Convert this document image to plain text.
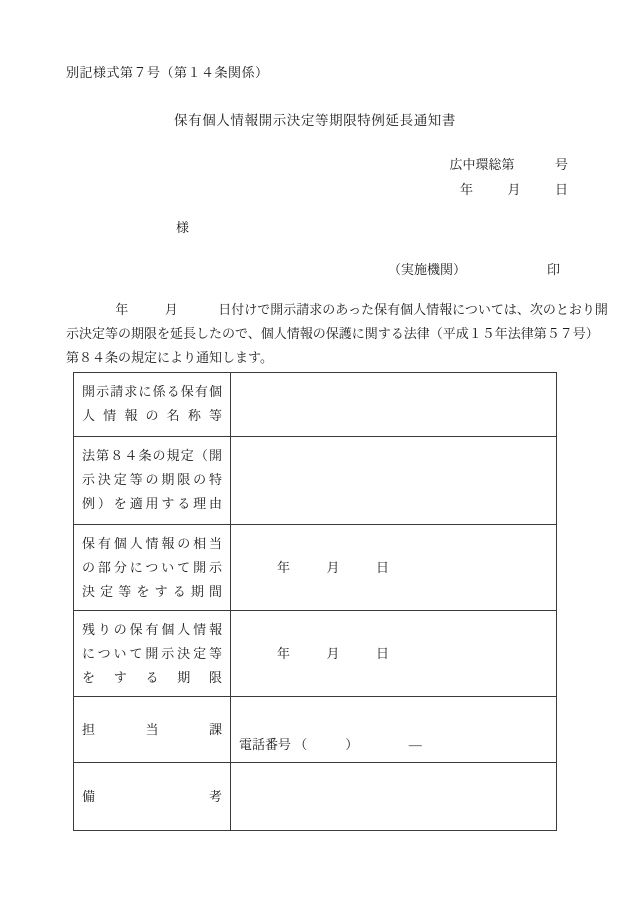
別記様式第７号（第１４条関係）
保有個人情報開示決定等期限特例延長通知書
広中環総第	号
年	月	日
様
（実施機関）	印
年	月	日付けで開示請求のあった保有個人情報については、次のとおり開
示決定等の期限を延長したので、個人情報の保護に関する法律（平成１５年法律第５７号）
第８４条の規定により通知します。
開示請求に係る保有個
人情報の名称等	

法第８４条の規定（開
示決定等の期限の特
例）を適用する理由	

保有個人情報の相当
の部分について開示
決定等をする期間	年 月 日

残りの保有個人情報
について開示決定等
をする期限	年 月 日

担当課	電話番号 （ ） ―

備考	
